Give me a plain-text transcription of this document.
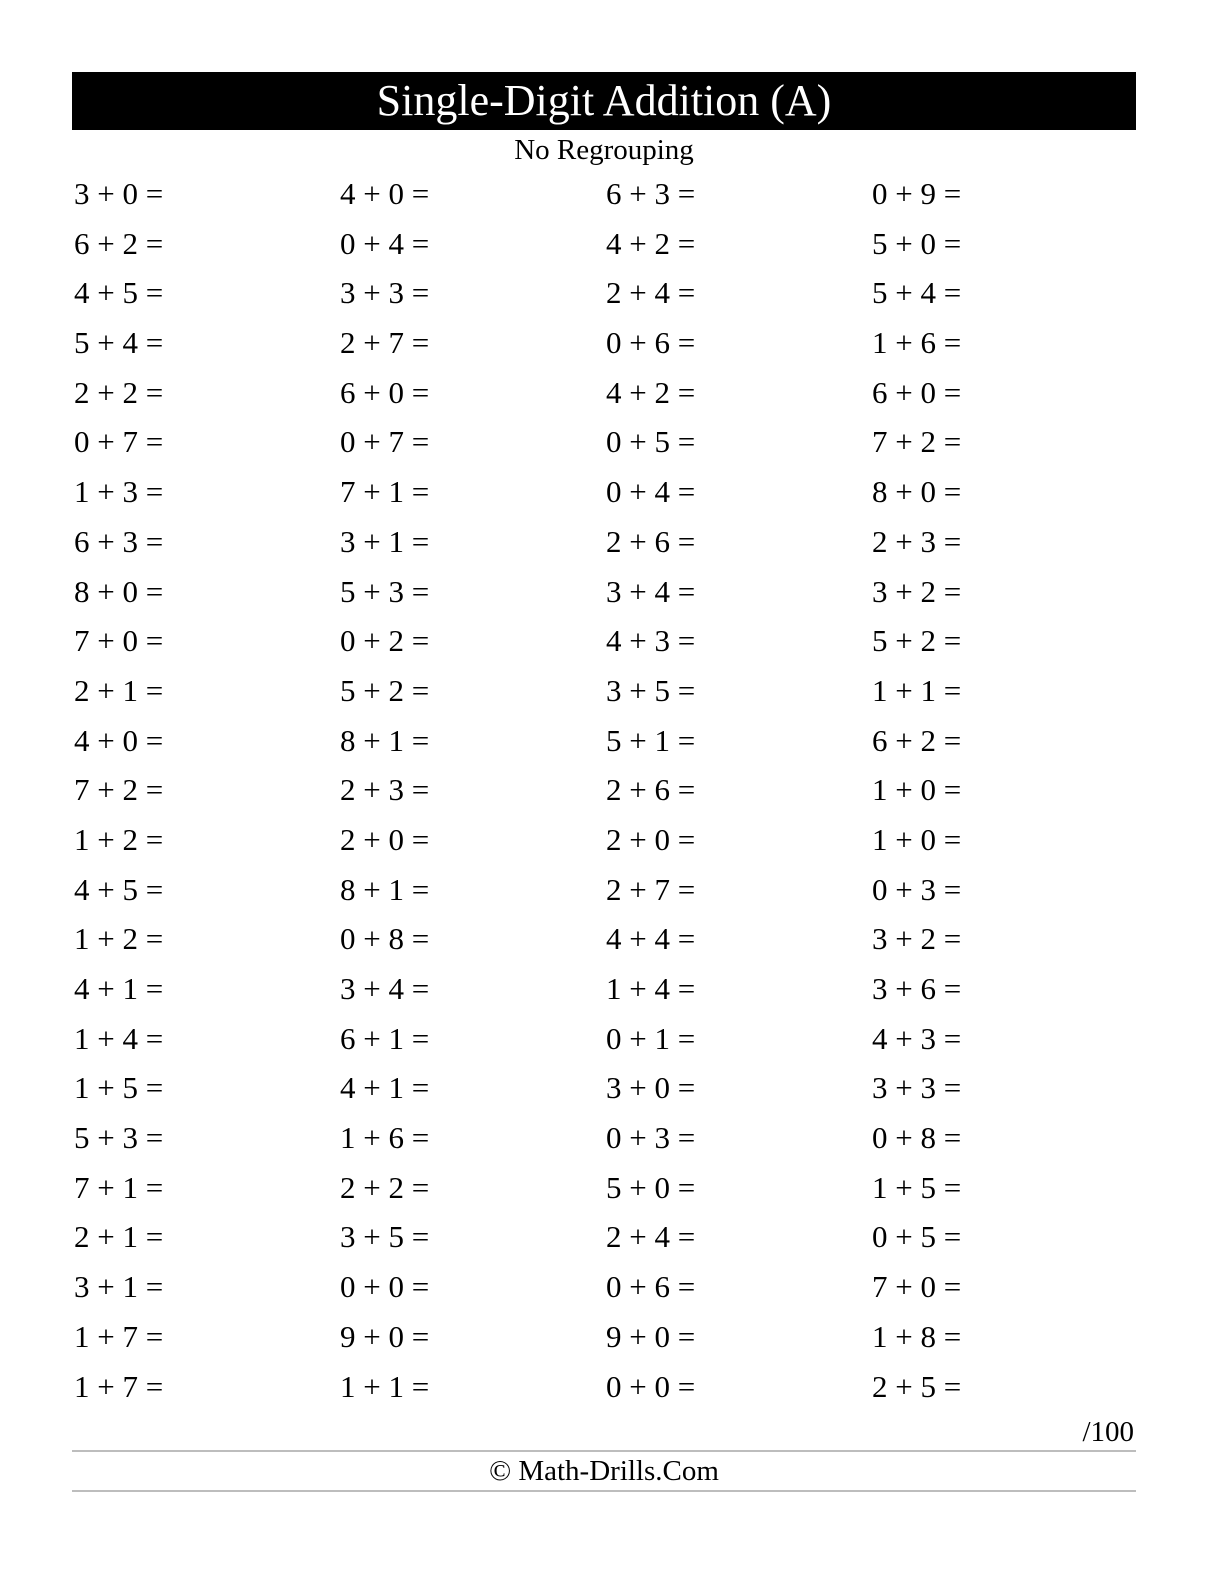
Single-Digit Addition (A)
No Regrouping
3 + 0 =	4 + 0 =	6 + 3 =	0 + 9 =
6 + 2 =	0 + 4 =	4 + 2 =	5 + 0 =
4 + 5 =	3 + 3 =	2 + 4 =	5 + 4 =
5 + 4 =	2 + 7 =	0 + 6 =	1 + 6 =
2 + 2 =	6 + 0 =	4 + 2 =	6 + 0 =
0 + 7 =	0 + 7 =	0 + 5 =	7 + 2 =
1 + 3 =	7 + 1 =	0 + 4 =	8 + 0 =
6 + 3 =	3 + 1 =	2 + 6 =	2 + 3 =
8 + 0 =	5 + 3 =	3 + 4 =	3 + 2 =
7 + 0 =	0 + 2 =	4 + 3 =	5 + 2 =
2 + 1 =	5 + 2 =	3 + 5 =	1 + 1 =
4 + 0 =	8 + 1 =	5 + 1 =	6 + 2 =
7 + 2 =	2 + 3 =	2 + 6 =	1 + 0 =
1 + 2 =	2 + 0 =	2 + 0 =	1 + 0 =
4 + 5 =	8 + 1 =	2 + 7 =	0 + 3 =
1 + 2 =	0 + 8 =	4 + 4 =	3 + 2 =
4 + 1 =	3 + 4 =	1 + 4 =	3 + 6 =
1 + 4 =	6 + 1 =	0 + 1 =	4 + 3 =
1 + 5 =	4 + 1 =	3 + 0 =	3 + 3 =
5 + 3 =	1 + 6 =	0 + 3 =	0 + 8 =
7 + 1 =	2 + 2 =	5 + 0 =	1 + 5 =
2 + 1 =	3 + 5 =	2 + 4 =	0 + 5 =
3 + 1 =	0 + 0 =	0 + 6 =	7 + 0 =
1 + 7 =	9 + 0 =	9 + 0 =	1 + 8 =
1 + 7 =	1 + 1 =	0 + 0 =	2 + 5 =
/100
© Math-Drills.Com
